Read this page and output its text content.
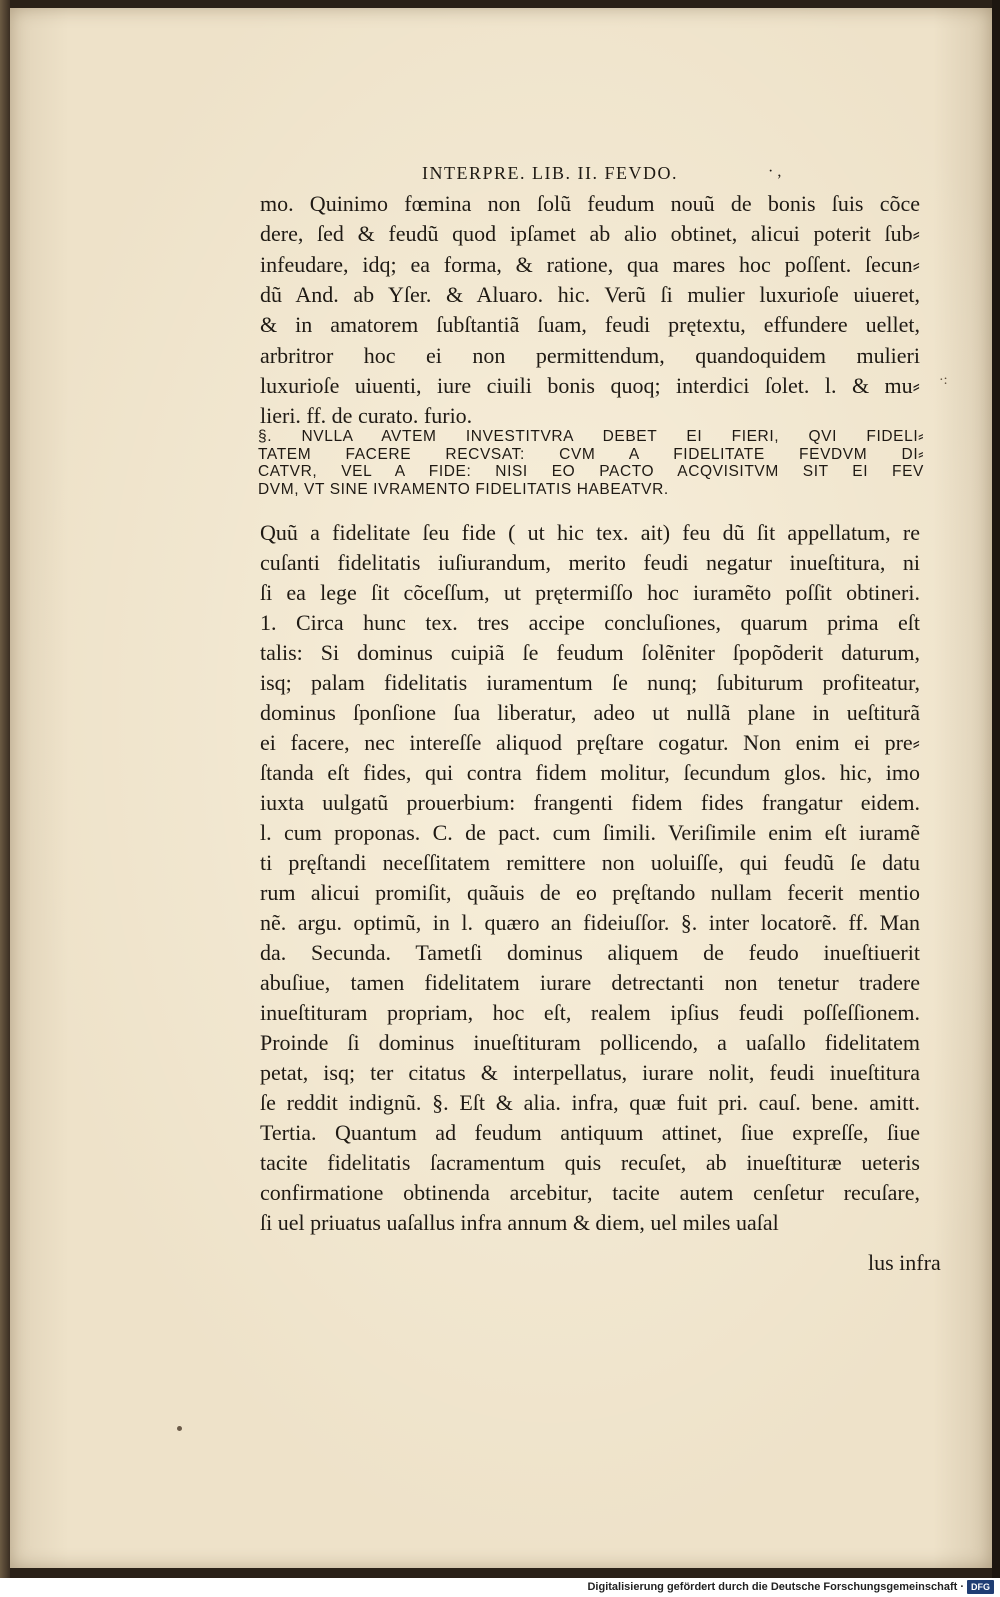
INTERPRE. LIB. II. FEVDO.	· ,
·:
mo. Quinimo fœmina non ſolũ feudum nouũ de bonis ſuis cõce
dere, ſed & feudũ quod ipſamet ab alio obtinet, alicui poterit ſub⸗
infeudare, idq; ea forma, & ratione, qua mares hoc poſſent. ſecun⸗
dũ And. ab Yſer. & Aluaro. hic. Verũ ſi mulier luxurioſe uiueret,
& in amatorem ſubſtantiã ſuam, feudi prętextu, effundere uellet,
arbritror hoc ei non permittendum, quandoquidem mulieri
luxurioſe uiuenti, iure ciuili bonis quoq; interdici ſolet. l. & mu⸗
lieri. ff. de curato. furio.
§. NVLLA AVTEM INVESTITVRA DEBET EI FIERI, QVI FIDELI⸗
TATEM FACERE RECVSAT: CVM A FIDELITATE FEVDVM DI⸗
CATVR, VEL A FIDE: NISI EO PACTO ACQVISITVM SIT EI FEV
DVM, VT SINE IVRAMENTO FIDELITATIS HABEATVR.
Quũ a fidelitate ſeu fide ( ut hic tex. ait) feu dũ ſit appellatum, re
cuſanti fidelitatis iuſiurandum, merito feudi negatur inueſtitura, ni
ſi ea lege ſit cõceſſum, ut prętermiſſo hoc iuramẽto poſſit obtineri.
1. Circa hunc tex. tres accipe concluſiones, quarum prima eſt
talis: Si dominus cuipiã ſe feudum ſolẽniter ſpopõderit daturum,
isq; palam fidelitatis iuramentum ſe nunq; ſubiturum profiteatur,
dominus ſponſione ſua liberatur, adeo ut nullã plane in ueſtiturã
ei facere, nec intereſſe aliquod pręſtare cogatur. Non enim ei pre⸗
ſtanda eſt fides, qui contra fidem molitur, ſecundum glos. hic, imo
iuxta uulgatũ prouerbium: frangenti fidem fides frangatur eidem.
l. cum proponas. C. de pact. cum ſimili. Veriſimile enim eſt iuramẽ
ti pręſtandi neceſſitatem remittere non uoluiſſe, qui feudũ ſe datu
rum alicui promiſit, quãuis de eo pręſtando nullam fecerit mentio
nẽ. argu. optimũ, in l. quæro an fideiuſſor. §. inter locatorẽ. ff. Man
da. Secunda. Tametſi dominus aliquem de feudo inueſtiuerit
abuſiue, tamen fidelitatem iurare detrectanti non tenetur tradere
inueſtituram propriam, hoc eſt, realem ipſius feudi poſſeſſionem.
Proinde ſi dominus inueſtituram pollicendo, a uaſallo fidelitatem
petat, isq; ter citatus & interpellatus, iurare nolit, feudi inueſtitura
ſe reddit indignũ. §. Eſt & alia. infra, quæ fuit pri. cauſ. bene. amitt.
Tertia. Quantum ad feudum antiquum attinet, ſiue expreſſe, ſiue
tacite fidelitatis ſacramentum quis recuſet, ab inueſtituræ ueteris
confirmatione obtinenda arcebitur, tacite autem cenſetur recuſare,
ſi uel priuatus uaſallus infra annum & diem, uel miles uaſal
lus infra
Digitalisierung gefördert durch die Deutsche Forschungsgemeinschaft · DFG
